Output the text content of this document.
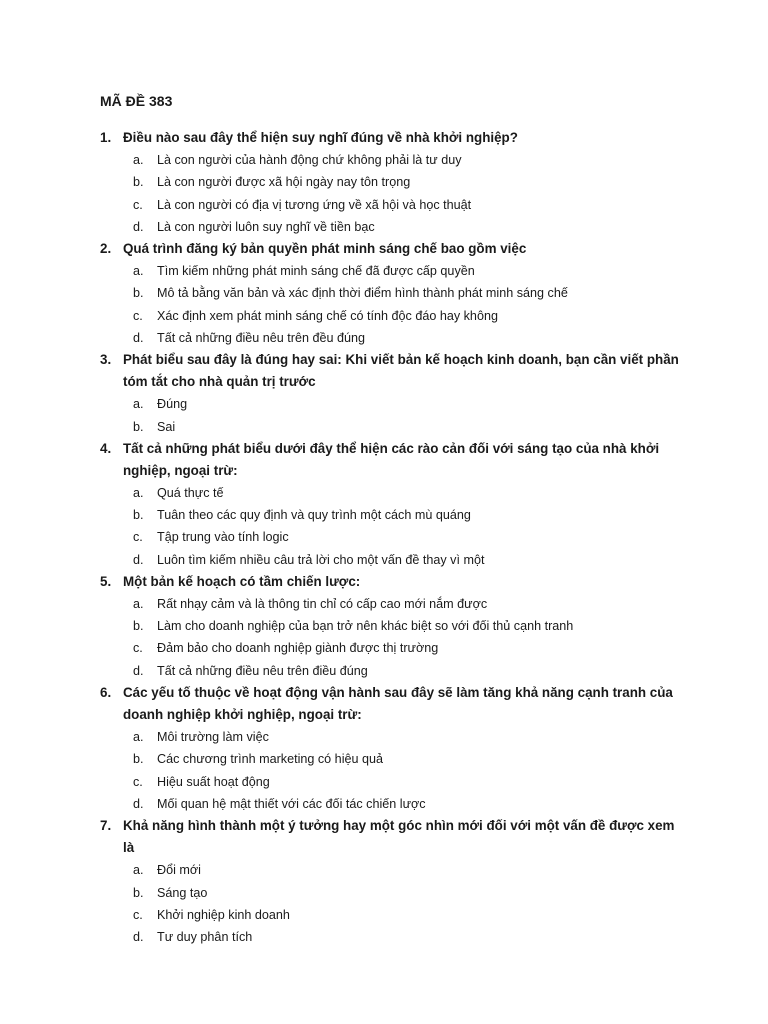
MÃ ĐỀ 383
1. Điều nào sau đây thể hiện suy nghĩ đúng về nhà khởi nghiệp?
a. Là con người của hành động chứ không phải là tư duy
b. Là con người được xã hội ngày nay tôn trọng
c. Là con người có địa vị tương ứng về xã hội và học thuật
d. Là con người luôn suy nghĩ về tiền bạc
2. Quá trình đăng ký bản quyền phát minh sáng chế bao gồm việc
a. Tìm kiếm những phát minh sáng chế đã được cấp quyền
b. Mô tả bằng văn bản và xác định thời điểm hình thành phát minh sáng chế
c. Xác định xem phát minh sáng chế có tính độc đáo hay không
d. Tất cả những điều nêu trên đều đúng
3. Phát biểu sau đây là đúng hay sai: Khi viết bản kế hoạch kinh doanh, bạn cần viết phần tóm tắt cho nhà quản trị trước
a. Đúng
b. Sai
4. Tất cả những phát biểu dưới đây thể hiện các rào cản đối với sáng tạo của nhà khởi nghiệp, ngoại trừ:
a. Quá thực tế
b. Tuân theo các quy định và quy trình một cách mù quáng
c. Tập trung vào tính logic
d. Luôn tìm kiếm nhiều câu trả lời cho một vấn đề thay vì một
5. Một bản kế hoạch có tầm chiến lược:
a. Rất nhạy cảm và là thông tin chỉ có cấp cao mới nắm được
b. Làm cho doanh nghiệp của bạn trở nên khác biệt so với đối thủ cạnh tranh
c. Đảm bảo cho doanh nghiệp giành được thị trường
d. Tất cả những điều nêu trên điều đúng
6. Các yếu tố thuộc về hoạt động vận hành sau đây sẽ làm tăng khả năng cạnh tranh của doanh nghiệp khởi nghiệp, ngoại trừ:
a. Môi trường làm việc
b. Các chương trình marketing có hiệu quả
c. Hiệu suất hoạt động
d. Mối quan hệ mật thiết với các đối tác chiến lược
7. Khả năng hình thành một ý tưởng hay một góc nhìn mới đối với một vấn đề được xem là
a. Đổi mới
b. Sáng tạo
c. Khởi nghiệp kinh doanh
d. Tư duy phân tích
